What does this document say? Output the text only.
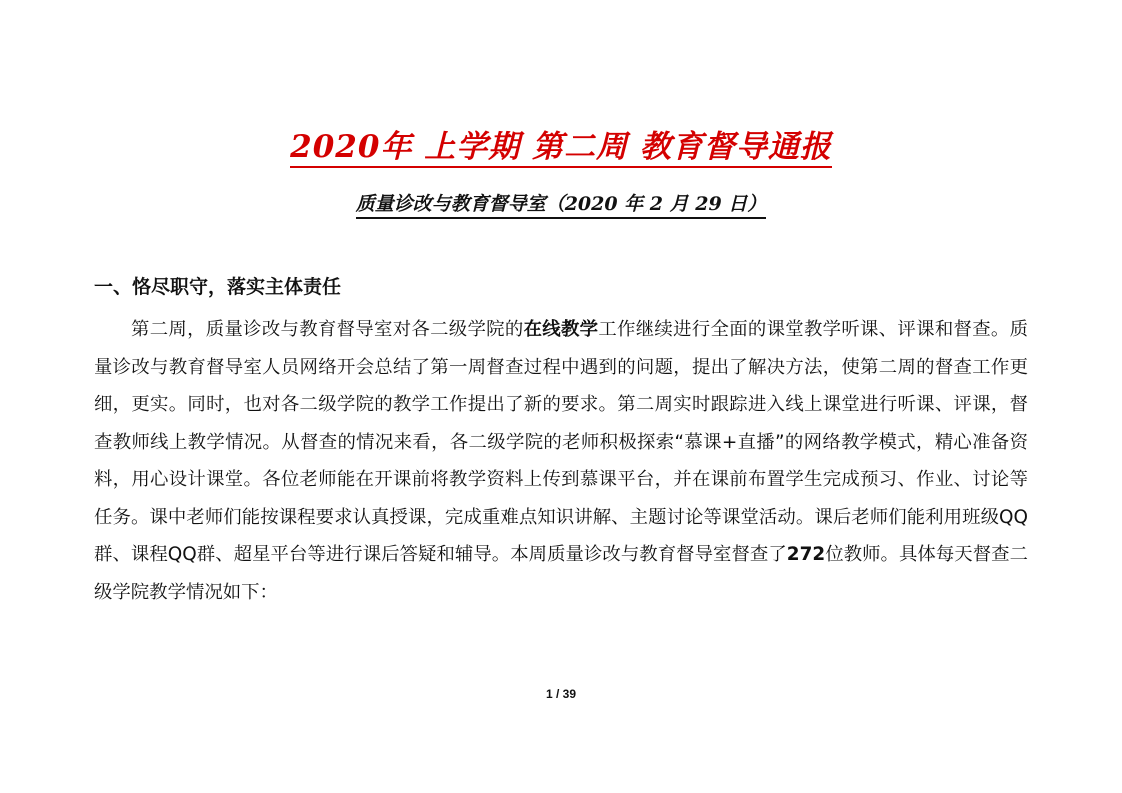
2020年 上学期 第二周 教育督导通报
质量诊改与教育督导室（2020 年 2 月 29 日）
一、恪尽职守，落实主体责任
第二周，质量诊改与教育督导室对各二级学院的在线教学工作继续进行全面的课堂教学听课、评课和督查。质量诊改与教育督导室人员网络开会总结了第一周督查过程中遇到的问题，提出了解决方法，使第二周的督查工作更细，更实。同时，也对各二级学院的教学工作提出了新的要求。第二周实时跟踪进入线上课堂进行听课、评课，督查教师线上教学情况。从督查的情况来看，各二级学院的老师积极探索“慕课+直播”的网络教学模式，精心准备资料，用心设计课堂。各位老师能在开课前将教学资料上传到慕课平台，并在课前布置学生完成预习、作业、讨论等任务。课中老师们能按课程要求认真授课，完成重难点知识讲解、主题讨论等课堂活动。课后老师们能利用班级QQ群、课程QQ群、超星平台等进行课后答疑和辅导。本周质量诊改与教育督导室督查了272位教师。具体每天督查二级学院教学情况如下：
1 / 39
